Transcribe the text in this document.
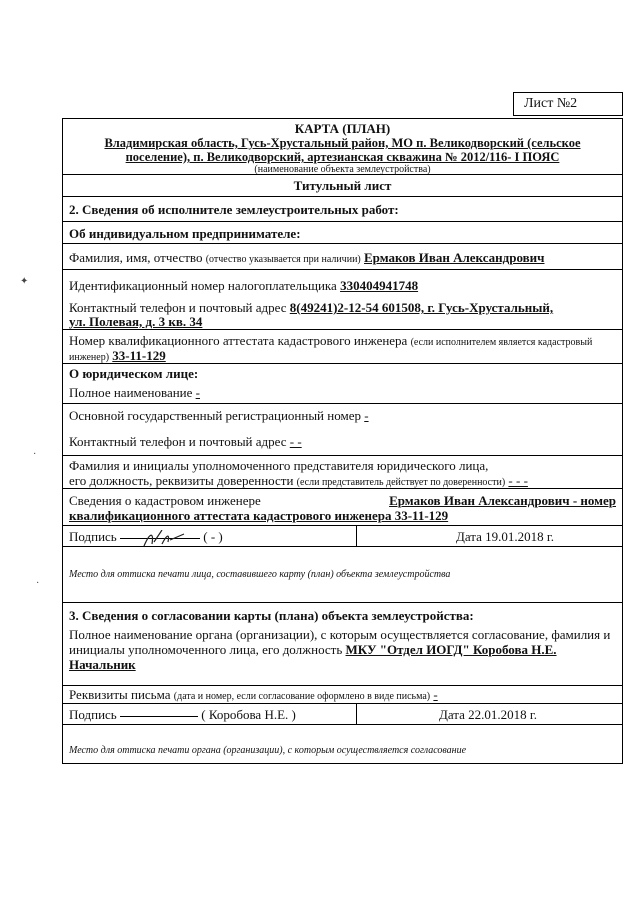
Лист №2
КАРТА (ПЛАН)
Владимирская область, Гусь-Хрустальный район, МО п. Великодворский (сельское
поселение), п. Великодворский, артезианская скважина № 2012/116- I ПОЯС
(наименование объекта землеустройства)
Титульный лист
2. Сведения об исполнителе землеустроительных работ:
Об индивидуальном предпринимателе:
Фамилия, имя, отчество (отчество указывается при наличии) Ермаков Иван Александрович
Идентификационный номер налогоплательщика 330404941748
Контактный телефон и почтовый адрес 8(49241)2-12-54 601508, г. Гусь-Хрустальный,
ул. Полевая, д. 3 кв. 34
Номер квалификационного аттестата кадастрового инженера (если исполнителем является кадастровый
инженер) 33-11-129
О юридическом лице:
Полное наименование -
Основной государственный регистрационный номер -
Контактный телефон и почтовый адрес - -
Фамилия и инициалы уполномоченного представителя юридического лица,
его должность, реквизиты доверенности (если представитель действует по доверенности) - - -
Сведения о кадастровом инженере	Ермаков Иван Александрович - номер
квалификационного аттестата кадастрового инженера 33-11-129
Подпись	( - )	Дата 19.01.2018 г.
Место для оттиска печати лица, составившего карту (план) объекта землеустройства
3. Сведения о согласовании карты (плана) объекта землеустройства:
Полное наименование органа (организации), с которым осуществляется согласование, фамилия и
инициалы уполномоченного лица, его должность МКУ "Отдел ИОГД" Коробова Н.Е.
Начальник
Реквизиты письма (дата и номер, если согласование оформлено в виде письма) -
Подпись	( Коробова Н.Е. )	Дата 22.01.2018 г.
Место для оттиска печати органа (организации), с которым осуществляется согласование
✦
·
·
